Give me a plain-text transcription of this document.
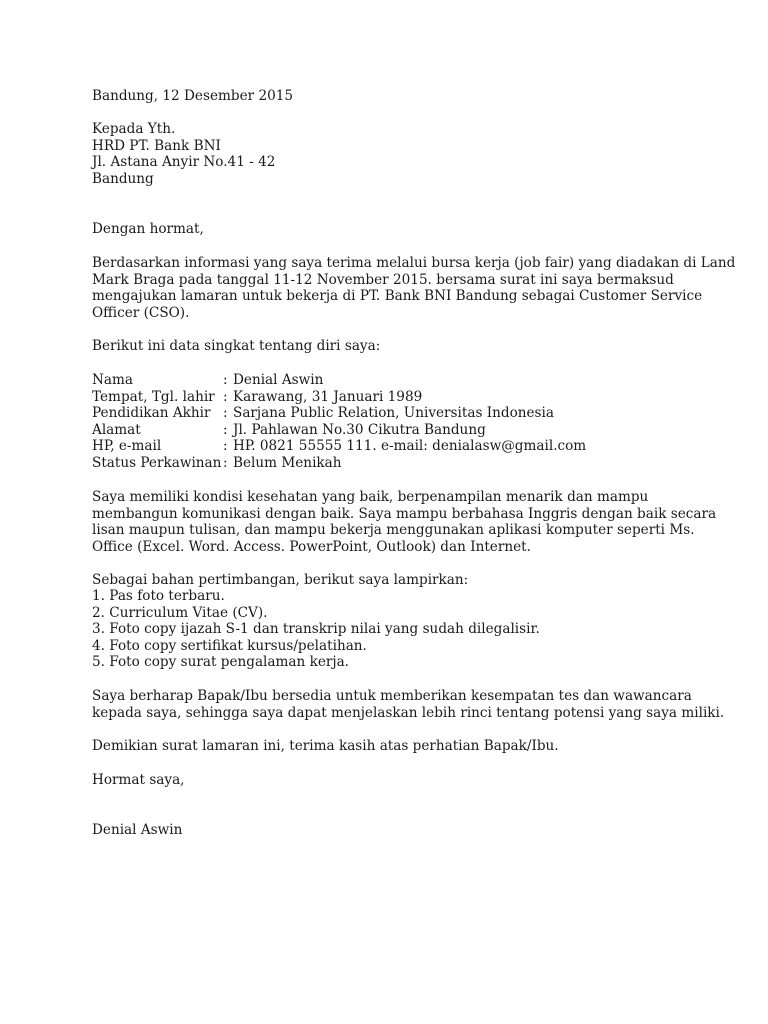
Bandung, 12 Desember 2015
Kepada Yth.
HRD PT. Bank BNI
Jl. Astana Anyir No.41 - 42
Bandung
Dengan hormat,
Berdasarkan informasi yang saya terima melalui bursa kerja (job fair) yang diadakan di Land
Mark Braga pada tanggal 11-12 November 2015. bersama surat ini saya bermaksud
mengajukan lamaran untuk bekerja di PT. Bank BNI Bandung sebagai Customer Service
Officer (CSO).
Berikut ini data singkat tentang diri saya:
Nama	: Denial Aswin
Tempat, Tgl. lahir : Karawang, 31 Januari 1989
Pendidikan Akhir : Sarjana Public Relation, Universitas Indonesia
Alamat	: Jl. Pahlawan No.30 Cikutra Bandung
HP, e-mail	: HP. 0821 55555 111. e-mail: denialasw@gmail.com
Status Perkawinan : Belum Menikah
Saya memiliki kondisi kesehatan yang baik, berpenampilan menarik dan mampu
membangun komunikasi dengan baik. Saya mampu berbahasa Inggris dengan baik secara
lisan maupun tulisan, dan mampu bekerja menggunakan aplikasi komputer seperti Ms.
Office (Excel. Word. Access. PowerPoint, Outlook) dan Internet.
Sebagai bahan pertimbangan, berikut saya lampirkan:
1. Pas foto terbaru.
2. Curriculum Vitae (CV).
3. Foto copy ijazah S-1 dan transkrip nilai yang sudah dilegalisir.
4. Foto copy sertifikat kursus/pelatihan.
5. Foto copy surat pengalaman kerja.
Saya berharap Bapak/Ibu bersedia untuk memberikan kesempatan tes dan wawancara
kepada saya, sehingga saya dapat menjelaskan lebih rinci tentang potensi yang saya miliki.
Demikian surat lamaran ini, terima kasih atas perhatian Bapak/Ibu.
Hormat saya,
Denial Aswin
